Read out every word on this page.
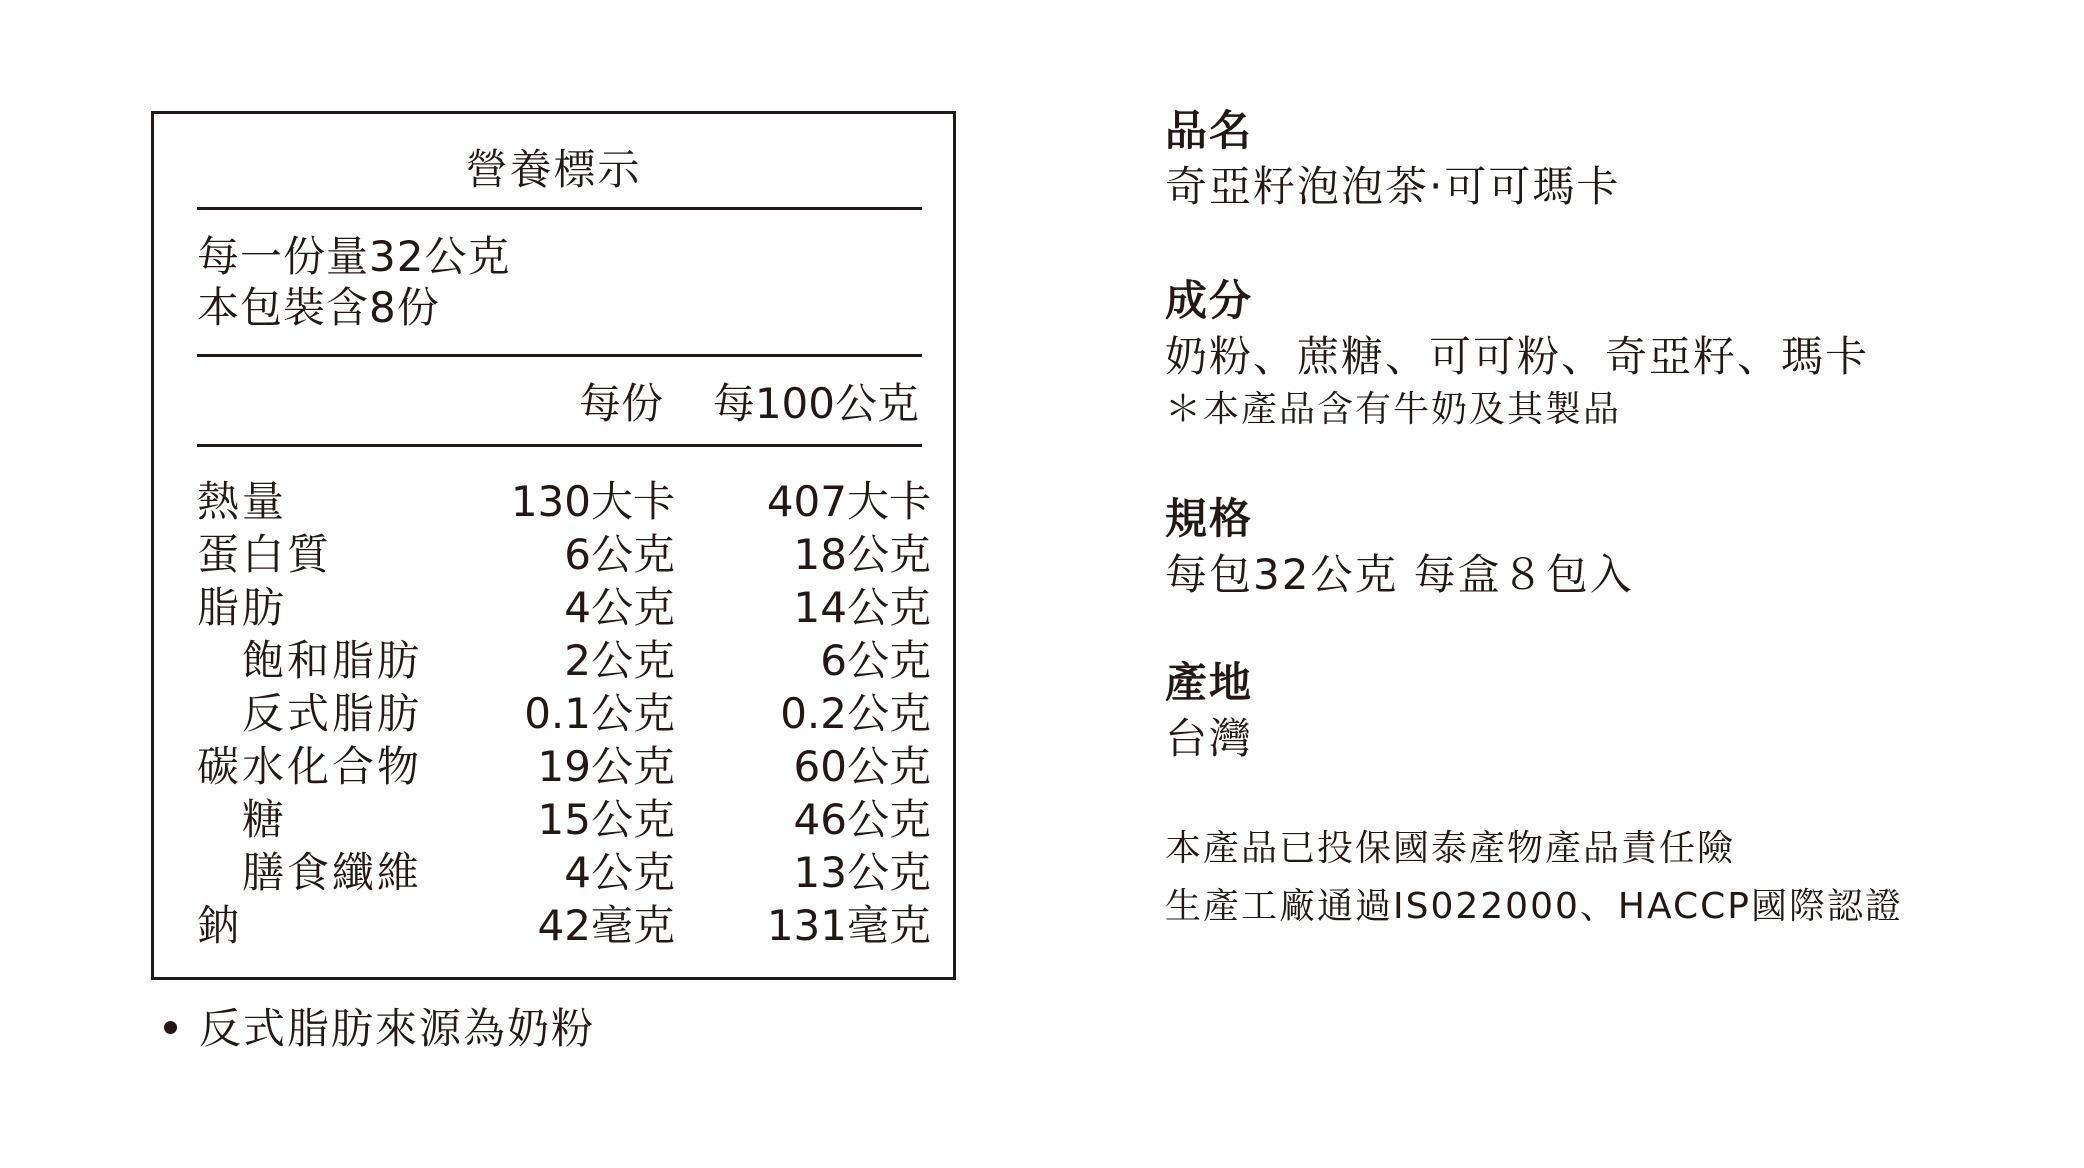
營養標示
每一份量32公克
本包裝含8份
每份 每100公克
熱量	130大卡 407大卡
蛋白質	6公克	18公克
脂肪	4公克	14公克
飽和脂肪	2公克	6公克
反式脂肪 0.1公克	0.2公克
碳水化合物	19公克	60公克
糖	15公克	46公克
膳食纖維	4公克	13公克
鈉	42毫克 131毫克
反式脂肪來源為奶粉

品名

奇亞籽泡泡茶‧可可瑪卡

成分

奶粉、蔗糖、可可粉、奇亞籽、瑪卡

＊本產品含有牛奶及其製品

規格

每包32公克 每盒８包入

產地

台灣

本產品已投保國泰產物產品責任險

生產工廠通過IS022000、HACCP國際認證
